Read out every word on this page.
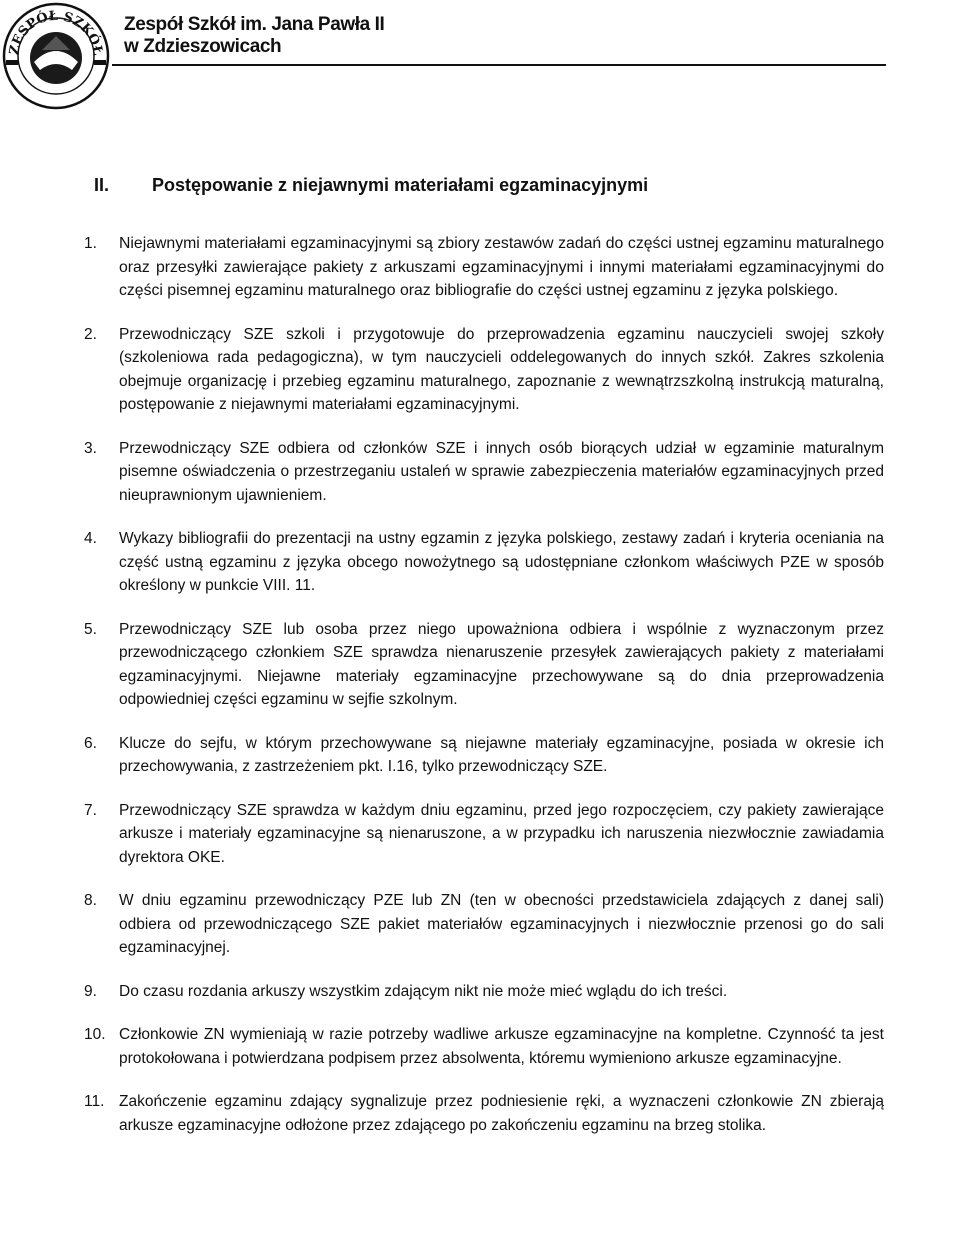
ZESPÓŁ SZKÓŁ
Zespół Szkół im. Jana Pawła II
w Zdzieszowicach
II. Postępowanie z niejawnymi materiałami egzaminacyjnymi
1.	Niejawnymi materiałami egzaminacyjnymi są zbiory zestawów zadań do części ustnej egzaminu maturalnego oraz przesyłki zawierające pakiety z arkuszami egzaminacyjnymi i innymi materiałami egzaminacyjnymi do części pisemnej egzaminu maturalnego oraz bibliografie do części ustnej egzaminu z języka polskiego.
2.	Przewodniczący SZE szkoli i przygotowuje do przeprowadzenia egzaminu nauczycieli swojej szkoły (szkoleniowa rada pedagogiczna), w tym nauczycieli oddelegowanych do innych szkół. Zakres szkolenia obejmuje organizację i przebieg egzaminu maturalnego, zapoznanie z wewnątrzszkolną instrukcją maturalną, postępowanie z niejawnymi materiałami egzaminacyjnymi.
3.	Przewodniczący SZE odbiera od członków SZE i innych osób biorących udział w egzaminie maturalnym pisemne oświadczenia o przestrzeganiu ustaleń w sprawie zabezpieczenia materiałów egzaminacyjnych przed nieuprawnionym ujawnieniem.
4.	Wykazy bibliografii do prezentacji na ustny egzamin z języka polskiego, zestawy zadań i kryteria oceniania na część ustną egzaminu z języka obcego nowożytnego są udostępniane członkom właściwych PZE w sposób określony w punkcie VIII. 11.
5.	Przewodniczący SZE lub osoba przez niego upoważniona odbiera i wspólnie z wyznaczonym przez przewodniczącego członkiem SZE sprawdza nienaruszenie przesyłek zawierających pakiety z materiałami egzaminacyjnymi. Niejawne materiały egzaminacyjne przechowywane są do dnia przeprowadzenia odpowiedniej części egzaminu w sejfie szkolnym.
6.	Klucze do sejfu, w którym przechowywane są niejawne materiały egzaminacyjne, posiada w okresie ich przechowywania, z zastrzeżeniem pkt. I.16, tylko przewodniczący SZE.
7.	Przewodniczący SZE sprawdza w każdym dniu egzaminu, przed jego rozpoczęciem, czy pakiety zawierające arkusze i materiały egzaminacyjne są nienaruszone, a w przypadku ich naruszenia niezwłocznie zawiadamia dyrektora OKE.
8.	W dniu egzaminu przewodniczący PZE lub ZN (ten w obecności przedstawiciela zdających z danej sali) odbiera od przewodniczącego SZE pakiet materiałów egzaminacyjnych i niezwłocznie przenosi go do sali egzaminacyjnej.
9.	Do czasu rozdania arkuszy wszystkim zdającym nikt nie może mieć wglądu do ich treści.
10. Członkowie ZN wymieniają w razie potrzeby wadliwe arkusze egzaminacyjne na kompletne. Czynność ta jest protokołowana i potwierdzana podpisem przez absolwenta, któremu wymieniono arkusze egzaminacyjne.
11. Zakończenie egzaminu zdający sygnalizuje przez podniesienie ręki, a wyznaczeni członkowie ZN zbierają arkusze egzaminacyjne odłożone przez zdającego po zakończeniu egzaminu na brzeg stolika.
